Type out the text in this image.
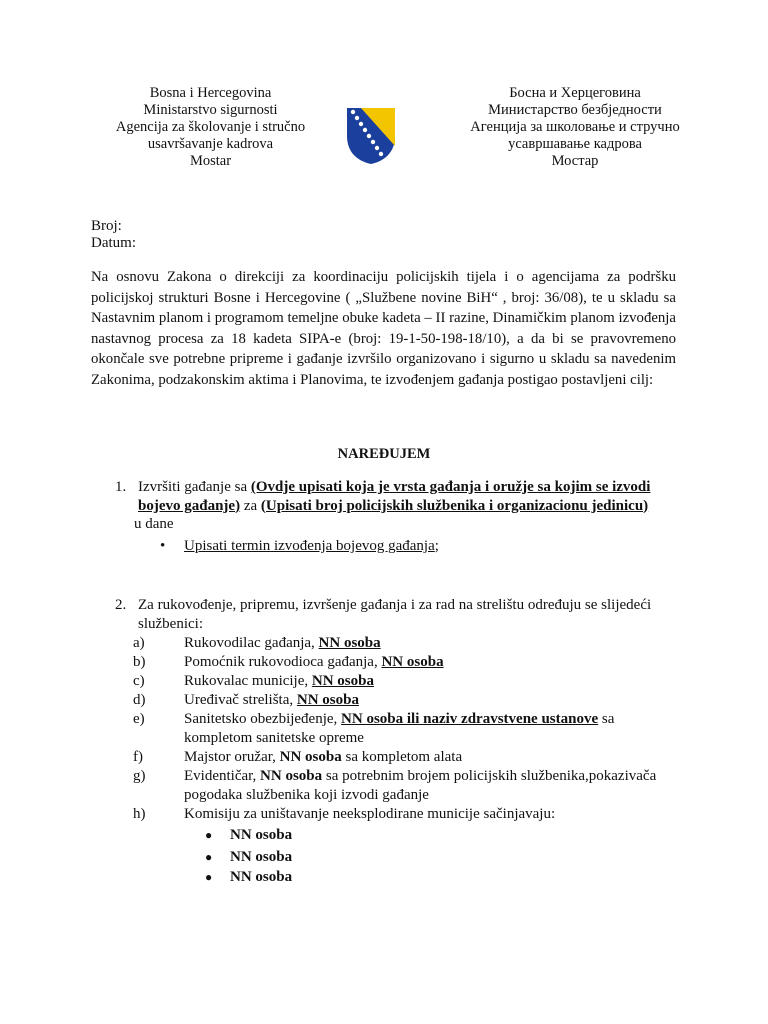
Bosna i Hercegovina
Ministarstvo sigurnosti
Agencija za školovanje i stručno
usavršavanje kadrova
Mostar
Босна и Херцеговина
Министарство безбједности
Агенција за школовање и стручно
усавршавање кадрова
Мостар
Broj:
Datum:
Na osnovu Zakona o direkciji za koordinaciju policijskih tijela i o agencijama za podršku policijskoj strukturi Bosne i Hercegovine ( „Službene novine BiH“ , broj: 36/08), te u skladu sa Nastavnim planom i programom temeljne obuke kadeta – II razine, Dinamičkim planom izvođenja nastavnog procesa za 18 kadeta SIPA-e (broj: 19-1-50-198-18/10), a da bi se pravovremeno okončale sve potrebne pripreme i gađanje izvršilo organizovano i sigurno u skladu sa navedenim Zakonima, podzakonskim aktima i Planovima, te izvođenjem gađanja postigao postavljeni cilj:
NAREĐUJEM
1. Izvršiti gađanje sa (Ovdje upisati koja je vrsta gađanja i oružje sa kojim se izvodi bojevo gađanje) za (Upisati broj policijskih službenika i organizacionu jedinicu)
u dane
• Upisati termin izvođenja bojevog gađanja;
2. Za rukovođenje, pripremu, izvršenje gađanja i za rad na strelištu određuju se slijedeći službenici:
a)	Rukovodilac gađanja, NN osoba
b)	Pomoćnik rukovodioca gađanja, NN osoba
c)	Rukovalac municije, NN osoba
d)	Uređivač strelišta, NN osoba
e)	Sanitetsko obezbijeđenje, NN osoba ili naziv zdravstvene ustanove sa kompletom sanitetske opreme
f)	Majstor oružar, NN osoba sa kompletom alata
g)	Evidentičar, NN osoba sa potrebnim brojem policijskih službenika,pokazivača pogodaka službenika koji izvodi gađanje
h)	Komisiju za uništavanje neeksplodirane municije sačinjavaju:
● NN osoba
● NN osoba
● NN osoba
